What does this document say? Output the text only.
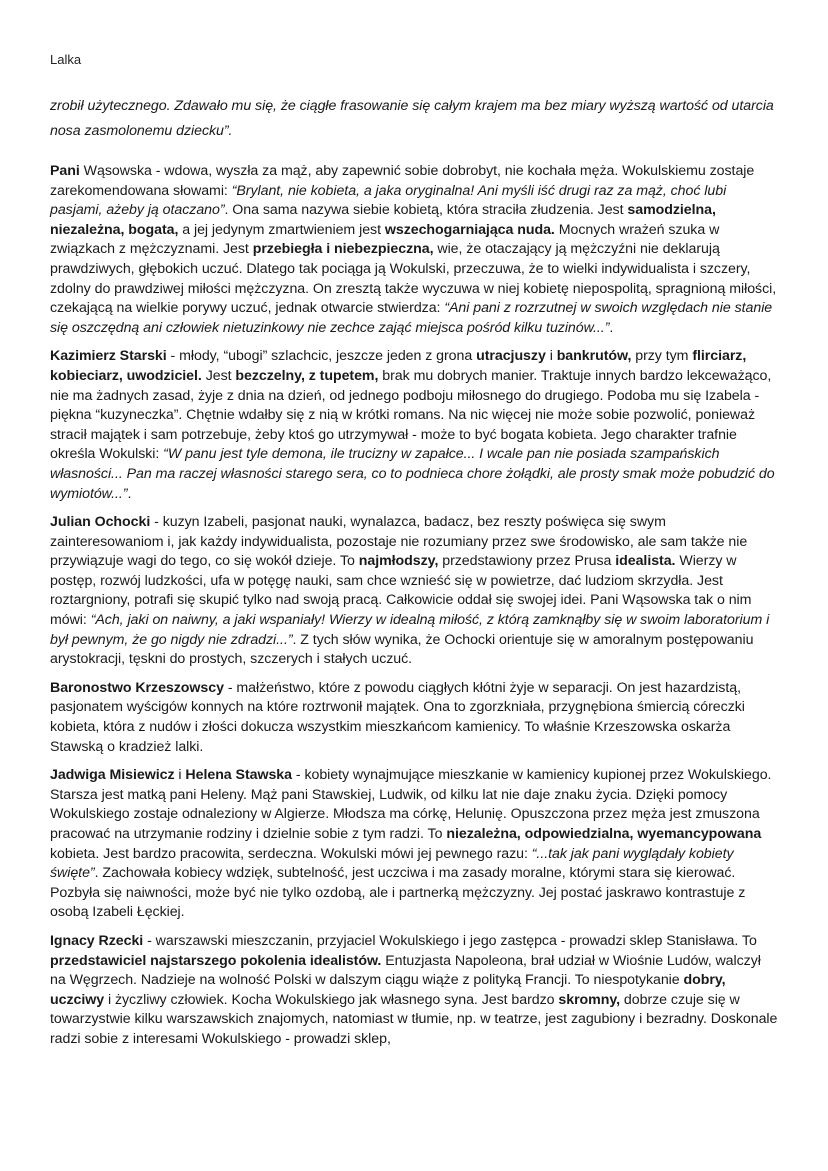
Lalka

zrobił użytecznego. Zdawało mu się, że ciągłe frasowanie się całym krajem ma bez miary wyższą wartość od utarcia nosa zasmolonemu dziecku”.

Pani Wąsowska - wdowa, wyszła za mąż, aby zapewnić sobie dobrobyt, nie kochała męża. Wokulskiemu zostaje zarekomendowana słowami: “Brylant, nie kobieta, a jaka oryginalna! Ani myśli iść drugi raz za mąż, choć lubi pasjami, ażeby ją otaczano”. Ona sama nazywa siebie kobietą, która straciła złudzenia. Jest samodzielna, niezależna, bogata, a jej jedynym zmartwieniem jest wszechogarniająca nuda. Mocnych wrażeń szuka w związkach z mężczyznami. Jest przebiegła i niebezpieczna, wie, że otaczający ją mężczyźni nie deklarują prawdziwych, głębokich uczuć. Dlatego tak pociąga ją Wokulski, przeczuwa, że to wielki indywidualista i szczery, zdolny do prawdziwej miłości mężczyzna. On zresztą także wyczuwa w niej kobietę niepospolitą, spragnioną miłości, czekającą na wielkie porywy uczuć, jednak otwarcie stwierdza: “Ani pani z rozrzutnej w swoich względach nie stanie się oszczędną ani człowiek nietuzinkowy nie zechce zająć miejsca pośród kilku tuzinów...”.

Kazimierz Starski - młody, “ubogi” szlachcic, jeszcze jeden z grona utracjuszy i bankrutów, przy tym flirciarz, kobieciarz, uwodziciel. Jest bezczelny, z tupetem, brak mu dobrych manier. Traktuje innych bardzo lekceważąco, nie ma żadnych zasad, żyje z dnia na dzień, od jednego podboju miłosnego do drugiego. Podoba mu się Izabela - piękna “kuzyneczka”. Chętnie wdałby się z nią w krótki romans. Na nic więcej nie może sobie pozwolić, ponieważ stracił majątek i sam potrzebuje, żeby ktoś go utrzymywał - może to być bogata kobieta. Jego charakter trafnie określa Wokulski: “W panu jest tyle demona, ile trucizny w zapałce... I wcale pan nie posiada szampańskich własności... Pan ma raczej własności starego sera, co to podnieca chore żołądki, ale prosty smak może pobudzić do wymiotów...”.

Julian Ochocki - kuzyn Izabeli, pasjonat nauki, wynalazca, badacz, bez reszty poświęca się swym zainteresowaniom i, jak każdy indywidualista, pozostaje nie rozumiany przez swe środowisko, ale sam także nie przywiązuje wagi do tego, co się wokół dzieje. To najmłodszy, przedstawiony przez Prusa idealista. Wierzy w postęp, rozwój ludzkości, ufa w potęgę nauki, sam chce wznieść się w powietrze, dać ludziom skrzydła. Jest roztargniony, potrafi się skupić tylko nad swoją pracą. Całkowicie oddał się swojej idei. Pani Wąsowska tak o nim mówi: “Ach, jaki on naiwny, a jaki wspaniały! Wierzy w idealną miłość, z którą zamknąłby się w swoim laboratorium i był pewnym, że go nigdy nie zdradzi...”. Z tych słów wynika, że Ochocki orientuje się w amoralnym postępowaniu arystokracji, tęskni do prostych, szczerych i stałych uczuć.

Baronostwo Krzeszowscy - małżeństwo, które z powodu ciągłych kłótni żyje w separacji. On jest hazardzistą, pasjonatem wyścigów konnych na które roztrwonił majątek. Ona to zgorzkniała, przygnębiona śmiercią córeczki kobieta, która z nudów i złości dokucza wszystkim mieszkańcom kamienicy. To właśnie Krzeszowska oskarża Stawską o kradzież lalki.

Jadwiga Misiewicz i Helena Stawska - kobiety wynajmujące mieszkanie w kamienicy kupionej przez Wokulskiego. Starsza jest matką pani Heleny. Mąż pani Stawskiej, Ludwik, od kilku lat nie daje znaku życia. Dzięki pomocy Wokulskiego zostaje odnaleziony w Algierze. Młodsza ma córkę, Helunię. Opuszczona przez męża jest zmuszona pracować na utrzymanie rodziny i dzielnie sobie z tym radzi. To niezależna, odpowiedzialna, wyemancypowana kobieta. Jest bardzo pracowita, serdeczna. Wokulski mówi jej pewnego razu: “...tak jak pani wyglądały kobiety święte”. Zachowała kobiecy wdzięk, subtelność, jest uczciwa i ma zasady moralne, którymi stara się kierować. Pozbyła się naiwności, może być nie tylko ozdobą, ale i partnerką mężczyzny. Jej postać jaskrawo kontrastuje z osobą Izabeli Łęckiej.

Ignacy Rzecki - warszawski mieszczanin, przyjaciel Wokulskiego i jego zastępca - prowadzi sklep Stanisława. To przedstawiciel najstarszego pokolenia idealistów. Entuzjasta Napoleona, brał udział w Wiośnie Ludów, walczył na Węgrzech. Nadzieje na wolność Polski w dalszym ciągu wiąże z polityką Francji. To niespotykanie dobry, uczciwy i życzliwy człowiek. Kocha Wokulskiego jak własnego syna. Jest bardzo skromny, dobrze czuje się w towarzystwie kilku warszawskich znajomych, natomiast w tłumie, np. w teatrze, jest zagubiony i bezradny. Doskonale radzi sobie z interesami Wokulskiego - prowadzi sklep,
